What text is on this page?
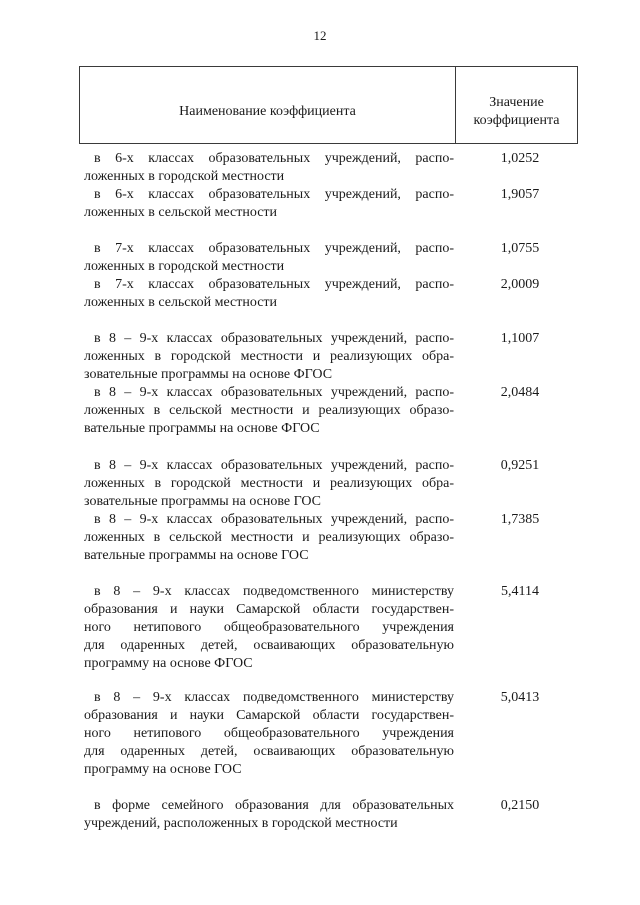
12
Наименование коэффициента
Значение
коэффициента
в 6-х классах образовательных учреждений, распо-
ложенных в городской местности
1,0252
в 6-х классах образовательных учреждений, распо-
ложенных в сельской местности
1,9057
в 7-х классах образовательных учреждений, распо-
ложенных в городской местности
1,0755
в 7-х классах образовательных учреждений, распо-
ложенных в сельской местности
2,0009
в 8 – 9-х классах образовательных учреждений, распо-
ложенных в городской местности и реализующих обра-
зовательные программы на основе ФГОС
1,1007
в 8 – 9-х классах образовательных учреждений, распо-
ложенных в сельской местности и реализующих образо-
вательные программы на основе ФГОС
2,0484
в 8 – 9-х классах образовательных учреждений, распо-
ложенных в городской местности и реализующих обра-
зовательные программы на основе ГОС
0,9251
в 8 – 9-х классах образовательных учреждений, распо-
ложенных в сельской местности и реализующих образо-
вательные программы на основе ГОС
1,7385
в 8 – 9-х классах подведомственного министерству
образования и науки Самарской области государствен-
ного нетипового общеобразовательного учреждения
для одаренных детей, осваивающих образовательную
программу на основе ФГОС
5,4114
в 8 – 9-х классах подведомственного министерству
образования и науки Самарской области государствен-
ного нетипового общеобразовательного учреждения
для одаренных детей, осваивающих образовательную
программу на основе ГОС
5,0413
в форме семейного образования для образовательных
учреждений, расположенных в городской местности
0,2150
